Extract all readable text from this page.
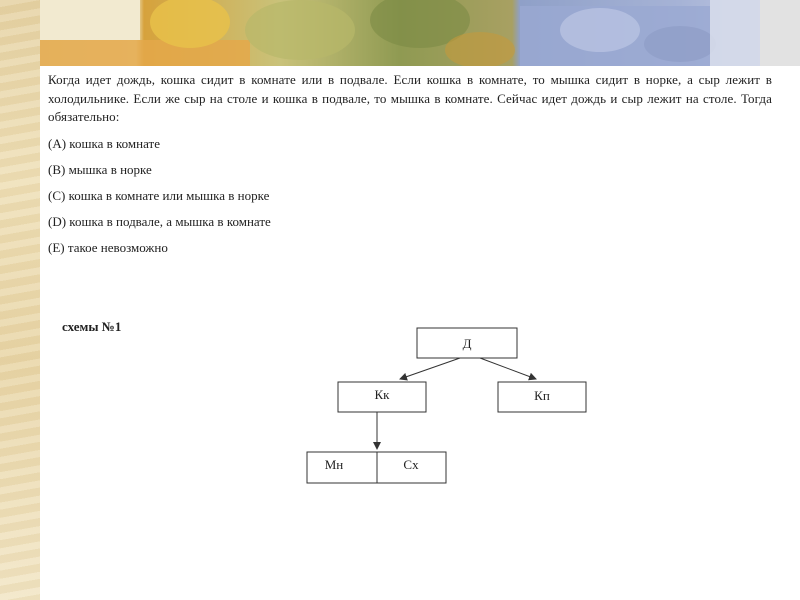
Когда идет дождь, кошка сидит в комнате или в подвале. Если кошка в комнате, то мышка сидит в норке, а сыр лежит в холодильнике. Если же сыр на столе и кошка в подвале, то мышка в комнате. Сейчас идет дождь и сыр лежит на столе. Тогда обязательно:

(A) кошка в комнате

(B) мышка в норке

(C) кошка в комнате или мышка в норке

(D) кошка в подвале, а мышка в комнате

(E) такое невозможно

схемы №1

Д
Кк	Кп
Мн	Сх
